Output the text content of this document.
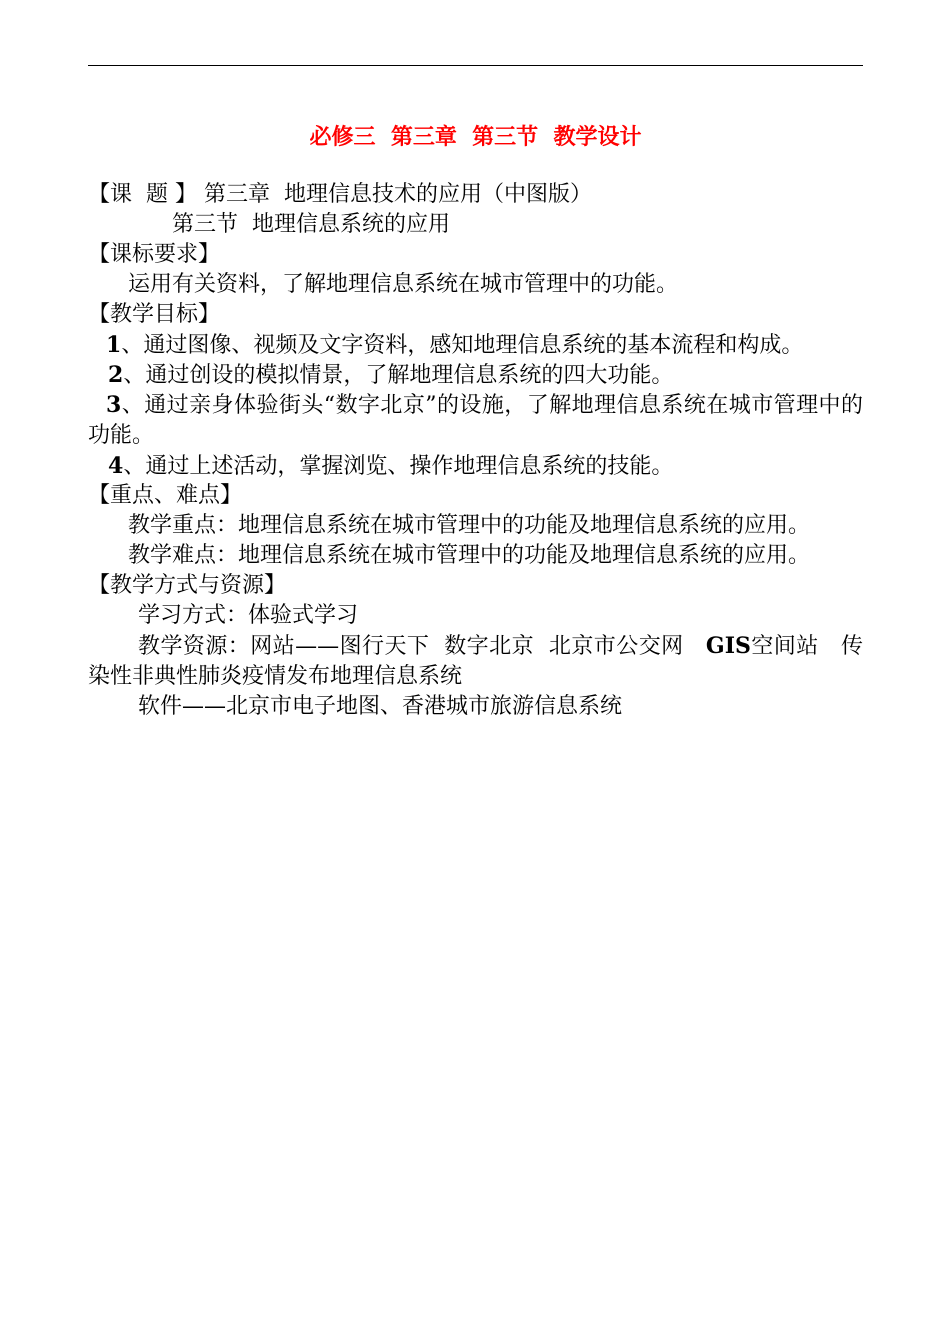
必修三  第三章  第三节  教学设计
【课  题 】 第三章  地理信息技术的应用（中图版）
第三节  地理信息系统的应用
【课标要求】
运用有关资料，了解地理信息系统在城市管理中的功能。
【教学目标】
1、通过图像、视频及文字资料，感知地理信息系统的基本流程和构成。
2、通过创设的模拟情景，了解地理信息系统的四大功能。
3、通过亲身体验街头“数字北京”的设施，了解地理信息系统在城市管理中的功能。
4、通过上述活动，掌握浏览、操作地理信息系统的技能。
【重点、难点】
教学重点：地理信息系统在城市管理中的功能及地理信息系统的应用。
教学难点：地理信息系统在城市管理中的功能及地理信息系统的应用。
【教学方式与资源】
学习方式：体验式学习
教学资源：网站——图行天下  数字北京  北京市公交网   GIS空间站   传染性非典性肺炎疫情发布地理信息系统
软件——北京市电子地图、香港城市旅游信息系统
